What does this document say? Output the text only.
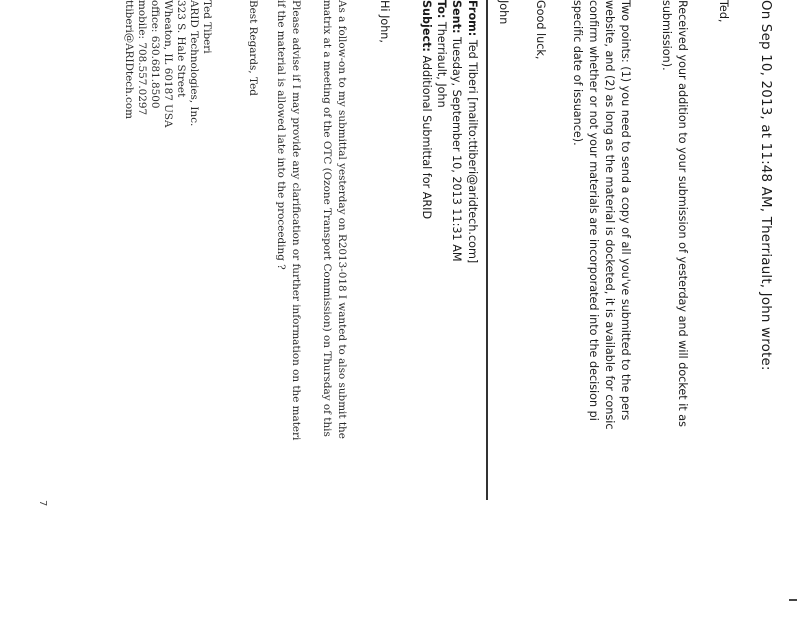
On Sep 10, 2013, at 11:48 AM, Therriault, John wrote:
Ted,
Received your addition to your submission of yesterday and will docket it as
submission).
Two points: (1) you need to send a copy of all you've submitted to the pers
website, and (2) as long as the material is docketed, it is available for consic
confirm whether or not your materials are incorporated into the decision pi
specific date of issuance).
Good luck,
John
From: Ted Tiberi [mailto:ttiberi@aridtech.com]
Sent: Tuesday, September 10, 2013 11:31 AM
To: Therriault, John
Subject: Additional Submittal for ARID
Hi John,
As a follow-on to my submittal yesterday on R2013-018 I wanted to also submit the
matrix at a meeting of the OTC (Ozone Transport Commission) on Thursday of this
Please advise if I may provide any clarification or further information on the materi
if the material is allowed late into the proceeding ?
Best Regards, Ted
Ted Tiberi
ARID Technologies, Inc.
323 S. Hale Street
Wheaton, IL 60187 USA
office: 630.681.8500
mobile: 708.557.0297
ttiberi@ARIDtech.com
7
